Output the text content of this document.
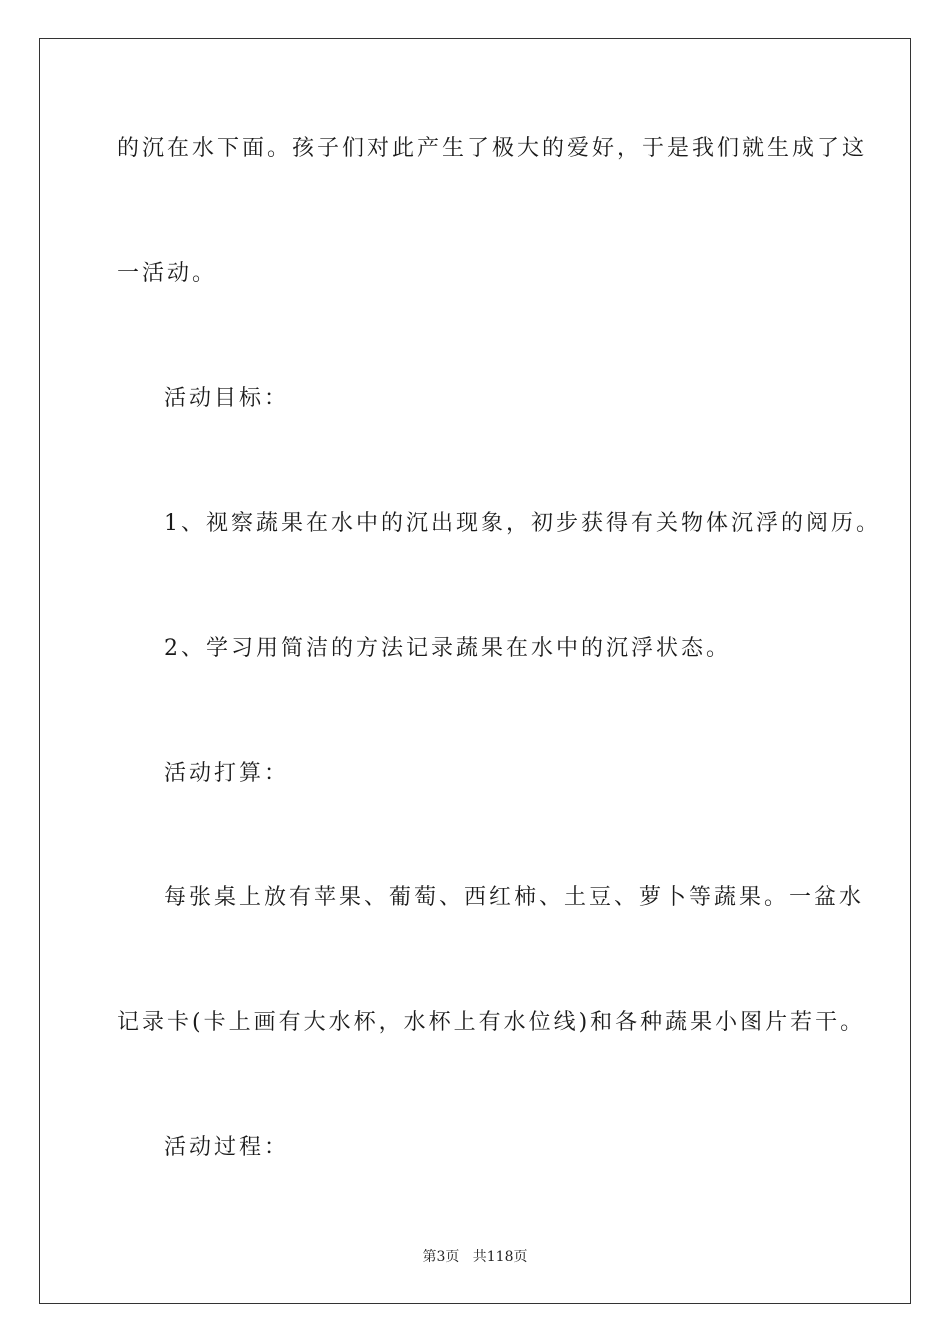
的沉在水下面。孩子们对此产生了极大的爱好，于是我们就生成了这
一活动。
活动目标：
1、视察蔬果在水中的沉出现象，初步获得有关物体沉浮的阅历。
2、学习用简洁的方法记录蔬果在水中的沉浮状态。
活动打算：
每张桌上放有苹果、葡萄、西红柿、土豆、萝卜等蔬果。一盆水
记录卡(卡上画有大水杯，水杯上有水位线)和各种蔬果小图片若干。
活动过程：
第3页   共118页
